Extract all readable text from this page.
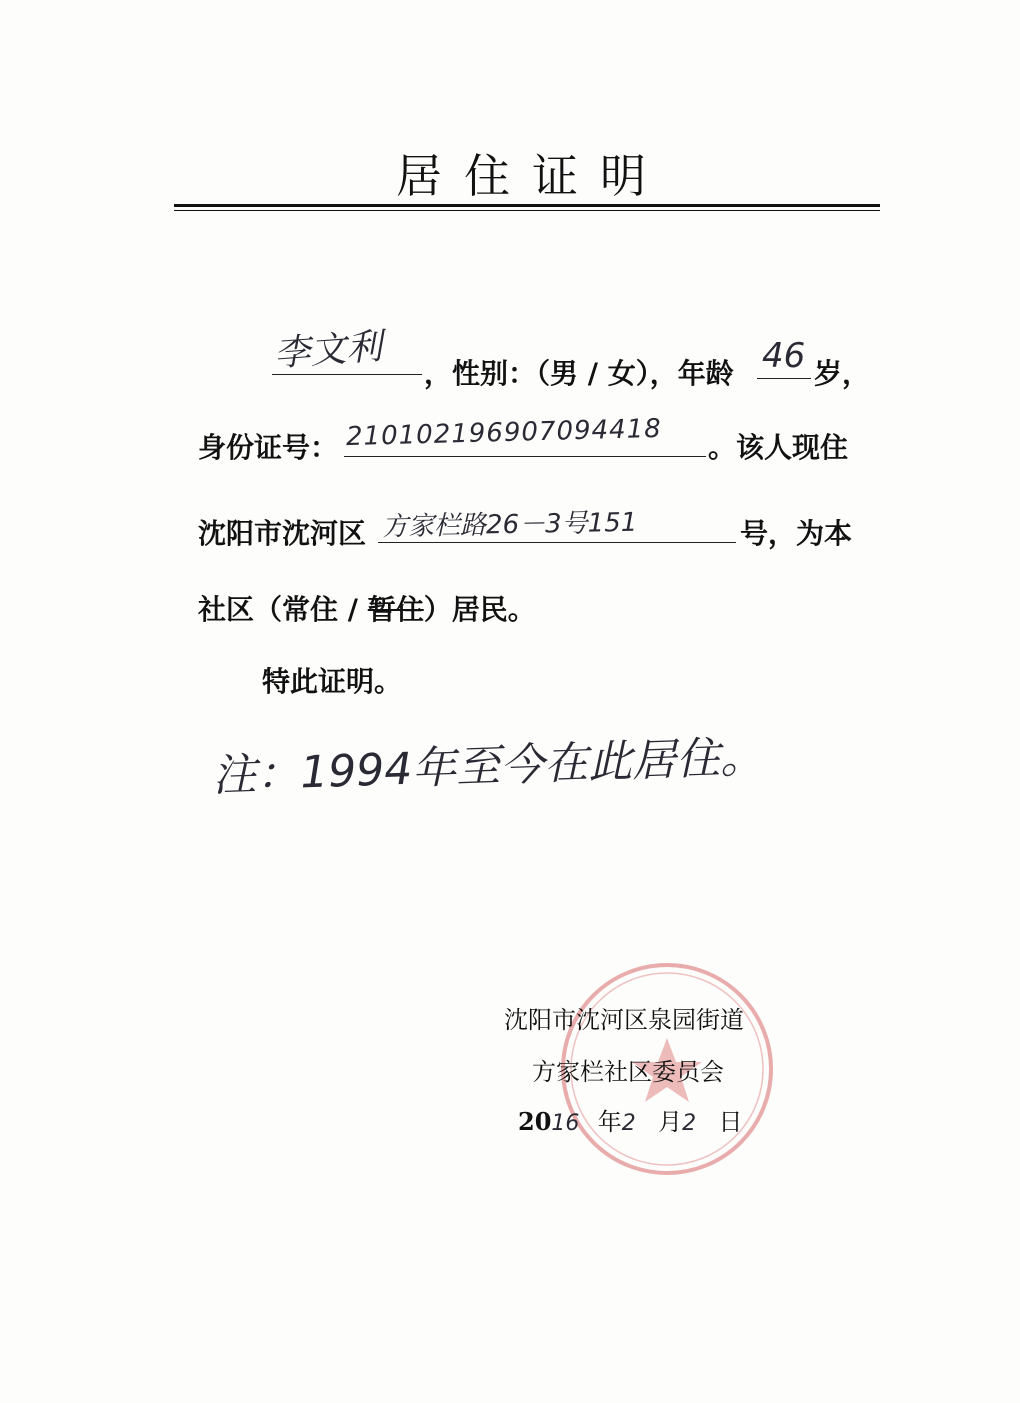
居住证明
李文利 ，性别：（男 / 女），年龄 46 岁，
身份证号： 210102196907094418 。该人现住
沈阳市沈河区 方家栏路26－3号151	号，为本
社区（常住 / 暂住）居民。
特此证明。
注：1994年至今在此居住。
沈阳市沈河区泉园街道
方家栏社区委员会
2016 年2 月2 日
